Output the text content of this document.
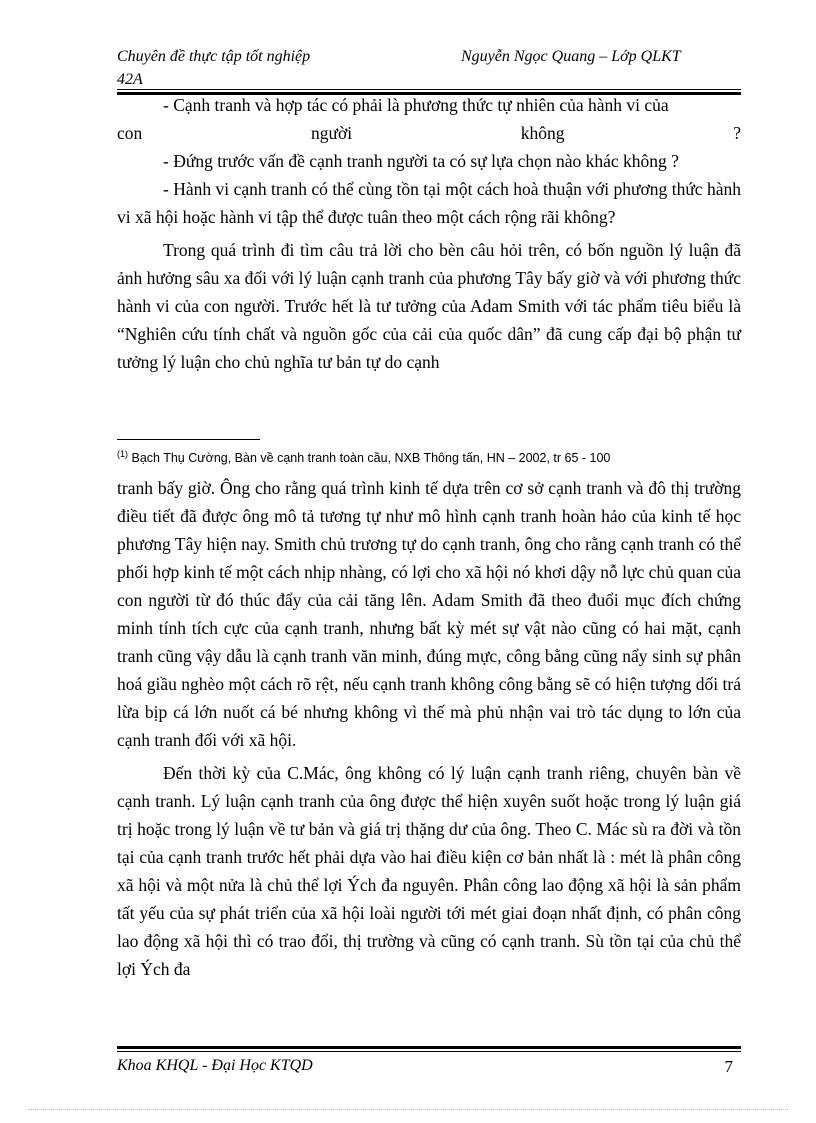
Chuyên đề thực tập tốt nghiệp	Nguyễn Ngọc Quang – Lớp QLKT
42A

- Cạnh tranh và hợp tác có phải là phương thức tự nhiên của hành vi của

con	người	không	?

- Đứng trước vấn đề cạnh tranh người ta có sự lựa chọn nào khác không ?

- Hành vi cạnh tranh có thể cùng tồn tại một cách hoà thuận với phương thức hành vi xã hội hoặc hành vi tập thể được tuân theo một cách rộng rãi không?

Trong quá trình đi tìm câu trả lời cho bèn câu hỏi trên, có bốn nguồn lý luận đã ảnh hưởng sâu xa đối với lý luận cạnh tranh của phương Tây bấy giờ và với phương thức hành vi của con người. Trước hết là tư tưởng của Adam Smith với tác phẩm tiêu biểu là “Nghiên cứu tính chất và nguồn gốc của cải của quốc dân” đã cung cấp đại bộ phận tư tưởng lý luận cho chủ nghĩa tư bản tự do cạnh

$^{(1)}$ Bạch Thụ Cường, Bàn về cạnh tranh toàn cầu, NXB Thông tấn, HN – 2002, tr 65 - 100

tranh bấy giờ. Ông cho rằng quá trình kinh tế dựa trên cơ sở cạnh tranh và đô thị trường điều tiết đã được ông mô tả tương tự như mô hình cạnh tranh hoàn hảo của kinh tế học phương Tây hiện nay. Smith chủ trương tự do cạnh tranh, ông cho rằng cạnh tranh có thể phối hợp kinh tế một cách nhịp nhàng, có lợi cho xã hội nó khơi dậy nỗ lực chủ quan của con người từ đó thúc đẩy của cải tăng lên. Adam Smith đã theo đuổi mục đích chứng minh tính tích cực của cạnh tranh, nhưng bất kỳ mét sự vật nào cũng có hai mặt, cạnh tranh cũng vậy dẫu là cạnh tranh văn minh, đúng mực, công bằng cũng nẩy sinh sự phân hoá giầu nghèo một cách rõ rệt, nếu cạnh tranh không công bằng sẽ có hiện tượng dối trá lừa bịp cá lớn nuốt cá bé nhưng không vì thế mà phủ nhận vai trò tác dụng to lớn của cạnh tranh đối với xã hội.

Đến thời kỳ của C.Mác, ông không có lý luận cạnh tranh riêng, chuyên bàn về cạnh tranh. Lý luận cạnh tranh của ông được thể hiện xuyên suốt hoặc trong lý luận giá trị hoặc trong lý luận về tư bản và giá trị thặng dư của ông. Theo C. Mác sù ra đời và tồn tại của cạnh tranh trước hết phải dựa vào hai điều kiện cơ bản nhất là : mét là phân công xã hội và một nửa là chủ thể lợi Ých đa nguyên. Phân công lao động xã hội là sản phẩm tất yếu của sự phát triển của xã hội loài người tới mét giai đoạn nhất định, có phân công lao động xã hội thì có trao đổi, thị trường và cũng có cạnh tranh. Sù tồn tại của chủ thể lợi Ých đa

Khoa KHQL - Đại Học KTQD	7
